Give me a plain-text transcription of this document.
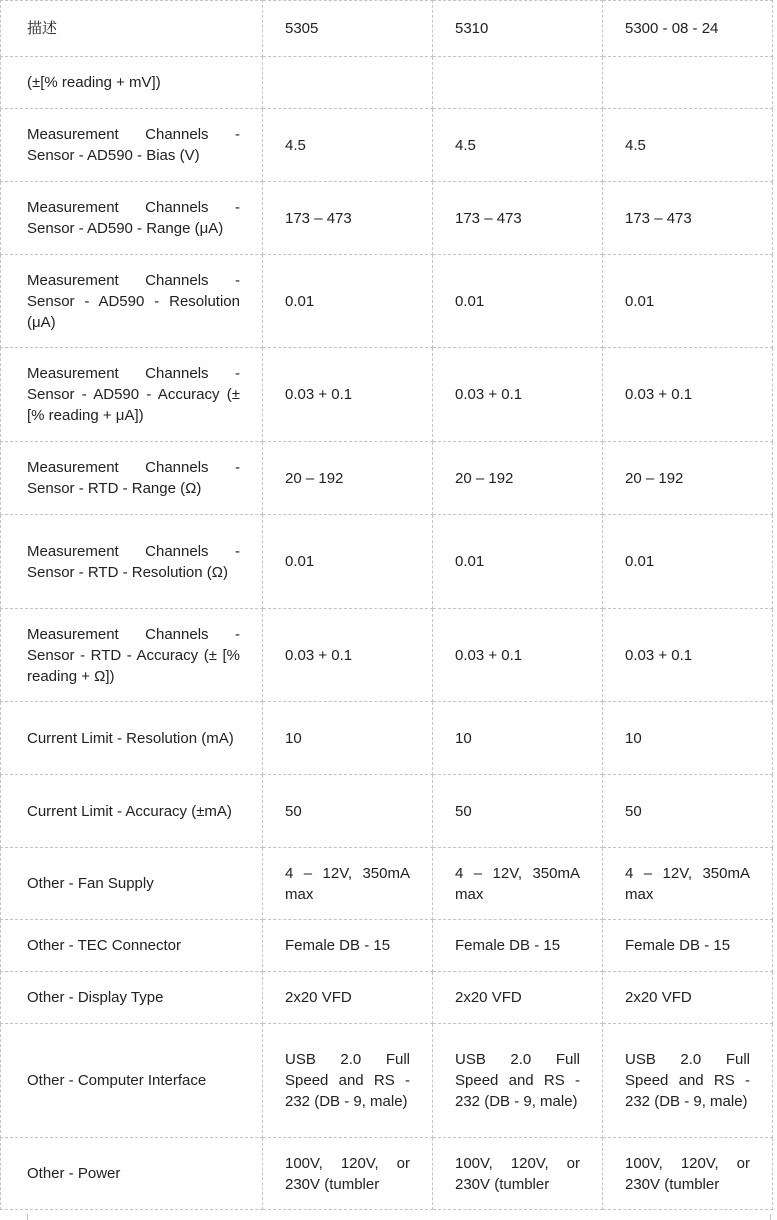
描述	5305	5310	5300 - 08 - 24
(±[% reading + mV])			
Measurement Channels - Sensor - AD590 - Bias (V)	4.5	4.5	4.5
Measurement Channels - Sensor - AD590 - Range (μA)	173 – 473	173 – 473	173 – 473
Measurement Channels - Sensor - AD590 - Resolution (μA)	0.01	0.01	0.01
Measurement Channels - Sensor - AD590 - Accuracy (± [% reading + μA])	0.03 + 0.1	0.03 + 0.1	0.03 + 0.1
Measurement Channels - Sensor - RTD - Range (Ω)	20 – 192	20 – 192	20 – 192
Measurement Channels - Sensor - RTD - Resolution (Ω)	0.01	0.01	0.01
Measurement Channels - Sensor - RTD - Accuracy (± [% reading + Ω])	0.03 + 0.1	0.03 + 0.1	0.03 + 0.1
Current Limit - Resolution (mA)	10	10	10
Current Limit - Accuracy (±mA)	50	50	50
Other - Fan Supply	4 – 12V, 350mA max	4 – 12V, 350mA max	4 – 12V, 350mA max
Other - TEC Connector	Female DB - 15	Female DB - 15	Female DB - 15
Other - Display Type	2x20 VFD	2x20 VFD	2x20 VFD
Other - Computer Interface	USB 2.0 Full Speed and RS - 232 (DB - 9, male)	USB 2.0 Full Speed and RS - 232 (DB - 9, male)	USB 2.0 Full Speed and RS - 232 (DB - 9, male)
Other - Power	100V, 120V, or 230V (tumbler	100V, 120V, or 230V (tumbler	100V, 120V, or 230V (tumbler
